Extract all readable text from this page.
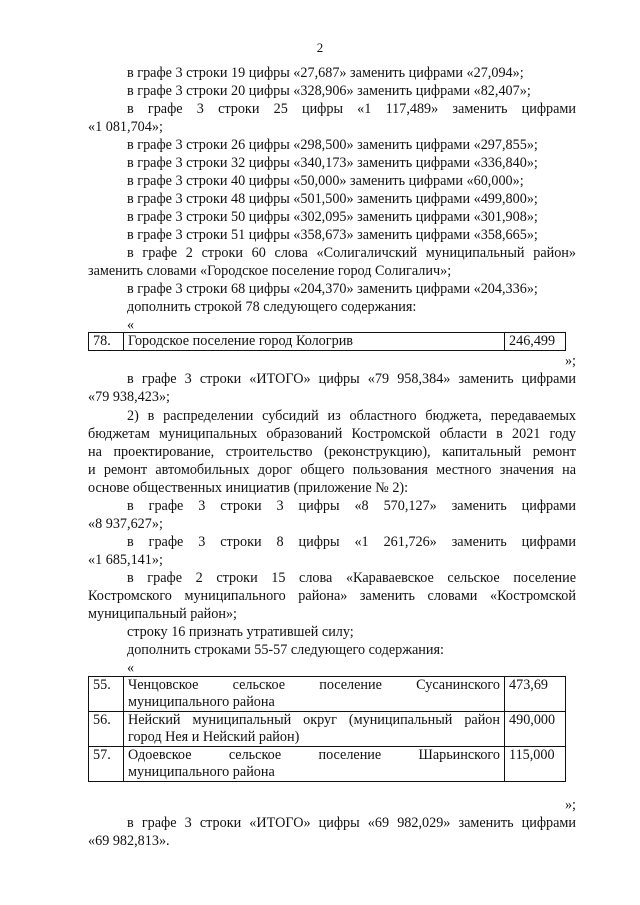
2
в графе 3 строки 19 цифры «27,687» заменить цифрами «27,094»;
в графе 3 строки 20 цифры «328,906» заменить цифрами «82,407»;
в графе 3 строки 25 цифры «1 117,489» заменить цифрами
«1 081,704»;
в графе 3 строки 26 цифры «298,500» заменить цифрами «297,855»;
в графе 3 строки 32 цифры «340,173» заменить цифрами «336,840»;
в графе 3 строки 40 цифры «50,000» заменить цифрами «60,000»;
в графе 3 строки 48 цифры «501,500» заменить цифрами «499,800»;
в графе 3 строки 50 цифры «302,095» заменить цифрами «301,908»;
в графе 3 строки 51 цифры «358,673» заменить цифрами «358,665»;
в графе 2 строки 60 слова «Солигаличский муниципальный район»
заменить словами «Городское поселение город Солигалич»;
в графе 3 строки 68 цифры «204,370» заменить цифрами «204,336»;
дополнить строкой 78 следующего содержания:
«
78.	Городское поселение город Кологрив	246,499
»;
в графе 3 строки «ИТОГО» цифры «79 958,384» заменить цифрами
«79 938,423»;
2) в распределении субсидий из областного бюджета, передаваемых
бюджетам муниципальных образований Костромской области в 2021 году
на проектирование, строительство (реконструкцию), капитальный ремонт
и ремонт автомобильных дорог общего пользования местного значения на
основе общественных инициатив (приложение № 2):
в графе 3 строки 3 цифры «8 570,127» заменить цифрами
«8 937,627»;
в графе 3 строки 8 цифры «1 261,726» заменить цифрами
«1 685,141»;
в графе 2 строки 15 слова «Караваевское сельское поселение
Костромского муниципального района» заменить словами «Костромской
муниципальный район»;
строку 16 признать утратившей силу;
дополнить строками 55-57 следующего содержания:
«
55.	Ченцовское сельское поселение Сусанинского
муниципального района	473,69
56.	Нейский муниципальный округ (муниципальный район
город Нея и Нейский район)	490,000
57.	Одоевское сельское поселение Шарьинского
муниципального района	115,000
»;
в графе 3 строки «ИТОГО» цифры «69 982,029» заменить цифрами
«69 982,813».
